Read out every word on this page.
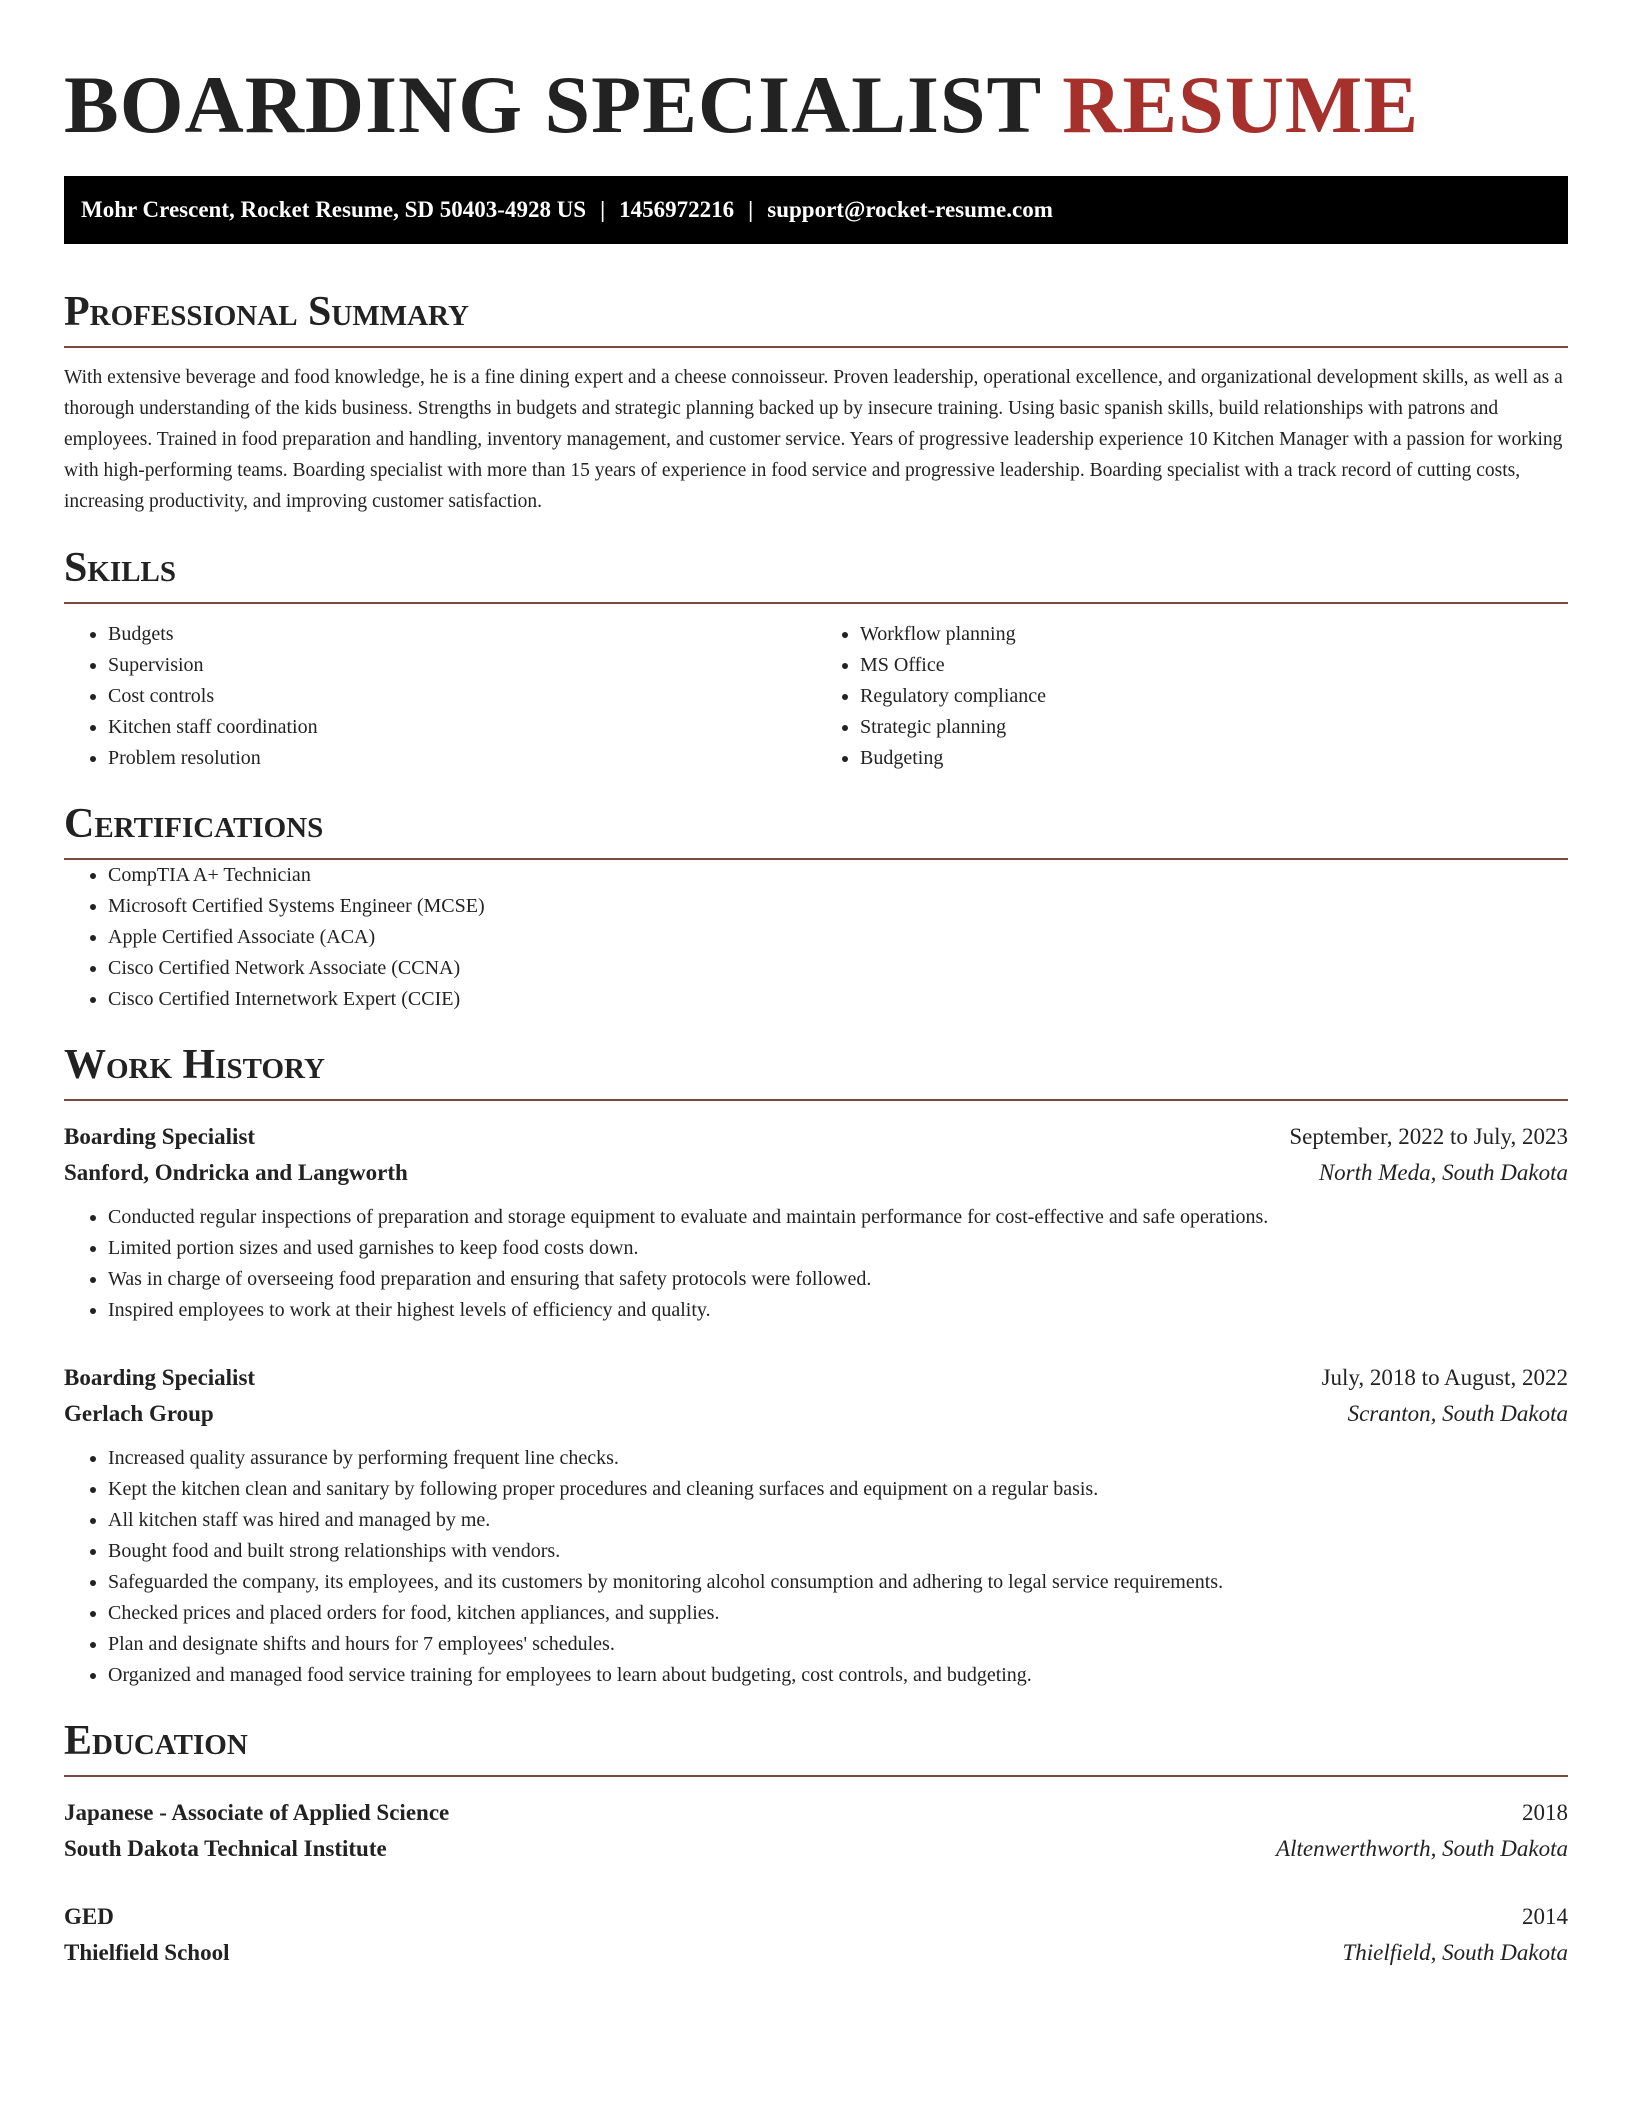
BOARDING SPECIALIST RESUME
Mohr Crescent, Rocket Resume, SD 50403-4928 US | 1456972216 | support@rocket-resume.com
Professional Summary

With extensive beverage and food knowledge, he is a fine dining expert and a cheese connoisseur. Proven leadership, operational excellence, and organizational development skills, as well as a thorough understanding of the kids business. Strengths in budgets and strategic planning backed up by insecure training. Using basic spanish skills, build relationships with patrons and employees. Trained in food preparation and handling, inventory management, and customer service. Years of progressive leadership experience 10 Kitchen Manager with a passion for working with high-performing teams. Boarding specialist with more than 15 years of experience in food service and progressive leadership. Boarding specialist with a track record of cutting costs, increasing productivity, and improving customer satisfaction.

Skills
• Budgets
• Supervision
• Cost controls
• Kitchen staff coordination
• Problem resolution
• Workflow planning
• MS Office
• Regulatory compliance
• Strategic planning
• Budgeting
Certifications
• CompTIA A+ Technician
• Microsoft Certified Systems Engineer (MCSE)
• Apple Certified Associate (ACA)
• Cisco Certified Network Associate (CCNA)
• Cisco Certified Internetwork Expert (CCIE)
Work History
Boarding Specialist	September, 2022 to July, 2023
Sanford, Ondricka and Langworth	North Meda, South Dakota
• Conducted regular inspections of preparation and storage equipment to evaluate and maintain performance for cost-effective and safe operations.
• Limited portion sizes and used garnishes to keep food costs down.
• Was in charge of overseeing food preparation and ensuring that safety protocols were followed.
• Inspired employees to work at their highest levels of efficiency and quality.
Boarding Specialist	July, 2018 to August, 2022
Gerlach Group	Scranton, South Dakota
• Increased quality assurance by performing frequent line checks.
• Kept the kitchen clean and sanitary by following proper procedures and cleaning surfaces and equipment on a regular basis.
• All kitchen staff was hired and managed by me.
• Bought food and built strong relationships with vendors.
• Safeguarded the company, its employees, and its customers by monitoring alcohol consumption and adhering to legal service requirements.
• Checked prices and placed orders for food, kitchen appliances, and supplies.
• Plan and designate shifts and hours for 7 employees' schedules.
• Organized and managed food service training for employees to learn about budgeting, cost controls, and budgeting.
Education
Japanese - Associate of Applied Science	2018
South Dakota Technical Institute	Altenwerthworth, South Dakota
GED	2014
Thielfield School	Thielfield, South Dakota
